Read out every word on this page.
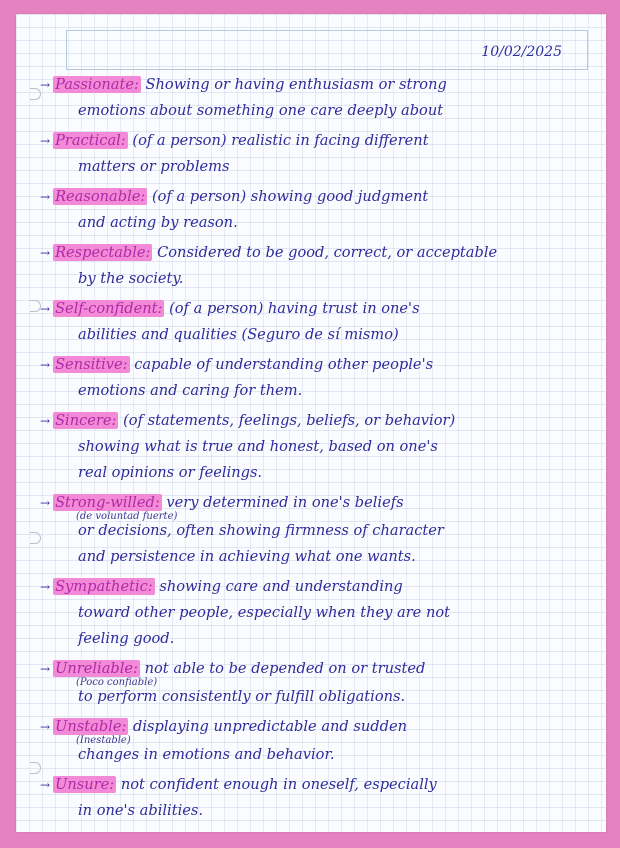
10/02/2025
→ Passionate: Showing or having enthusiasm or strong
emotions about something one care deeply about
→ Practical: (of a person) realistic in facing different
matters or problems
→ Reasonable: (of a person) showing good judgment
and acting by reason.
→ Respectable: Considered to be good, correct, or acceptable
by the society.
→ Self-confident: (of a person) having trust in one's
abilities and qualities (Seguro de sí mismo)
→ Sensitive: capable of understanding other people's
emotions and caring for them.
→ Sincere: (of statements, feelings, beliefs, or behavior)
showing what is true and honest, based on one's
real opinions or feelings.
→ Strong-willed: very determined in one's beliefs
(de voluntad fuerte)
or decisions, often showing firmness of character
and persistence in achieving what one wants.
→ Sympathetic: showing care and understanding
toward other people, especially when they are not
feeling good.
→ Unreliable: not able to be depended on or trusted
(Poco confiable)
to perform consistently or fulfill obligations.
→ Unstable: displaying unpredictable and sudden
(Inestable)
changes in emotions and behavior.
→ Unsure: not confident enough in oneself, especially
in one's abilities.
